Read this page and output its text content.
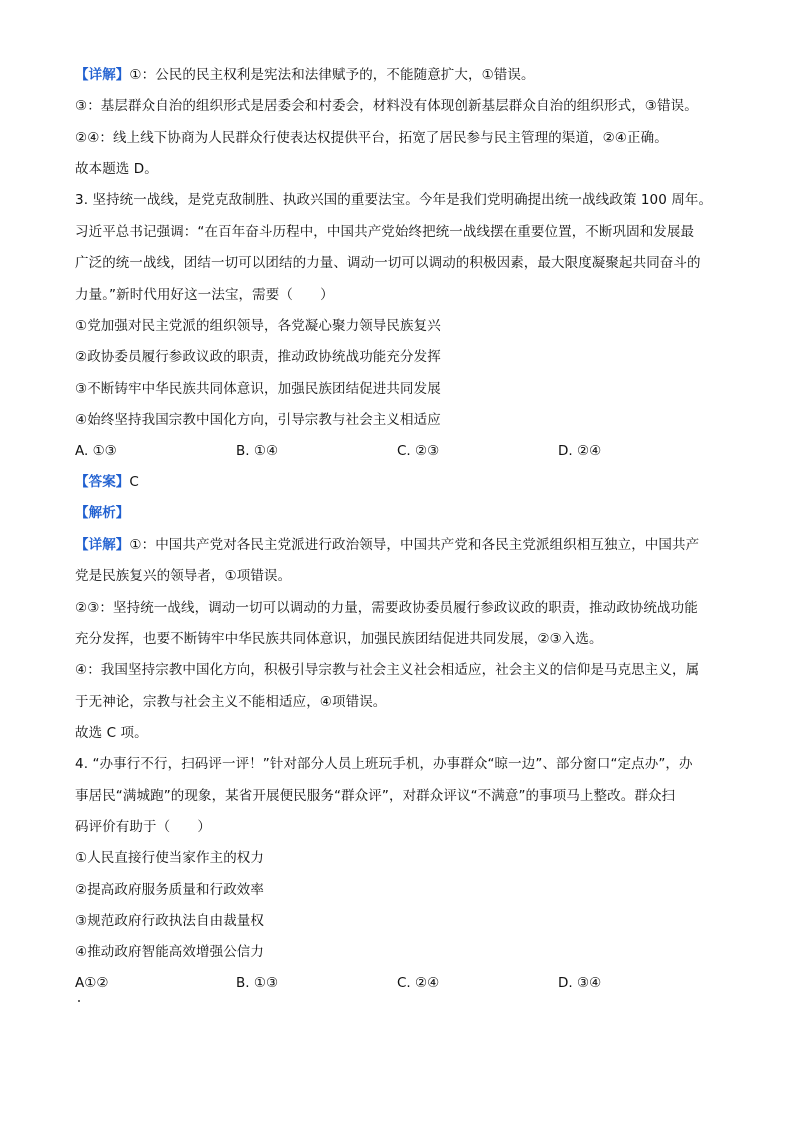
【详解】①：公民的民主权利是宪法和法律赋予的，不能随意扩大，①错误。
③：基层群众自治的组织形式是居委会和村委会，材料没有体现创新基层群众自治的组织形式，③错误。
②④：线上线下协商为人民群众行使表达权提供平台，拓宽了居民参与民主管理的渠道，②④正确。
故本题选 D。
3. 坚持统一战线，是党克敌制胜、执政兴国的重要法宝。今年是我们党明确提出统一战线政策 100 周年。
习近平总书记强调：“在百年奋斗历程中，中国共产党始终把统一战线摆在重要位置，不断巩固和发展最
广泛的统一战线，团结一切可以团结的力量、调动一切可以调动的积极因素，最大限度凝聚起共同奋斗的
力量。”新时代用好这一法宝，需要（　　）
①党加强对民主党派的组织领导，各党凝心聚力领导民族复兴
②政协委员履行参政议政的职责，推动政协统战功能充分发挥
③不断铸牢中华民族共同体意识，加强民族团结促进共同发展
④始终坚持我国宗教中国化方向，引导宗教与社会主义相适应
A. ①③	B. ①④	C. ②③	D. ②④
【答案】C
【解析】
【详解】①：中国共产党对各民主党派进行政治领导，中国共产党和各民主党派组织相互独立，中国共产
党是民族复兴的领导者，①项错误。
②③：坚持统一战线，调动一切可以调动的力量，需要政协委员履行参政议政的职责，推动政协统战功能
充分发挥，也要不断铸牢中华民族共同体意识，加强民族团结促进共同发展，②③入选。
④：我国坚持宗教中国化方向，积极引导宗教与社会主义社会相适应，社会主义的信仰是马克思主义，属
于无神论，宗教与社会主义不能相适应，④项错误。
故选 C 项。
4. “办事行不行，扫码评一评！”针对部分人员上班玩手机，办事群众“晾一边”、部分窗口“定点办”，办
事居民“满城跑”的现象，某省开展便民服务“群众评”，对群众评议“不满意”的事项马上整改。群众扫
码评价有助于（　　）
①人民直接行使当家作主的权力
②提高政府服务质量和行政效率
③规范政府行政执法自由裁量权
④推动政府智能高效增强公信力
A①②	B. ①③	C. ②④	D. ③④
